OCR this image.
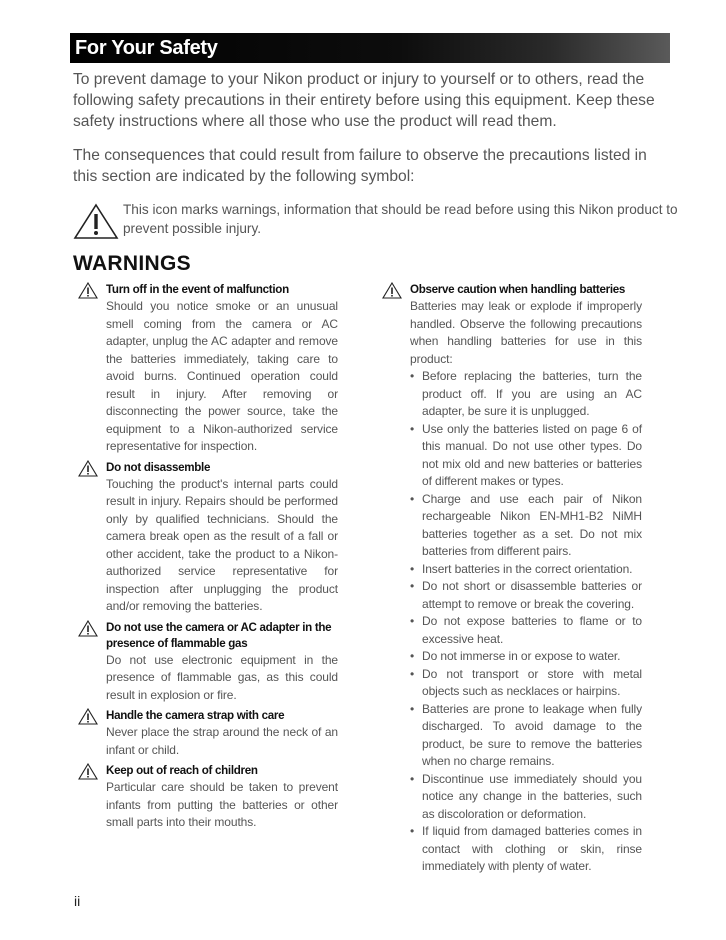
For Your Safety

To prevent damage to your Nikon product or injury to yourself or to others, read the following safety precautions in their entirety before using this equipment. Keep these safety instructions where all those who use the product will read them.

The consequences that could result from failure to observe the precautions listed in this section are indicated by the following symbol:

This icon marks warnings, information that should be read before using this Nikon product to prevent possible injury.

WARNINGS

Turn off in the event of malfunction

Should you notice smoke or an unusual smell coming from the camera or AC adapter, unplug the AC adapter and remove the batteries immediately, taking care to avoid burns. Continued operation could result in injury. After removing or disconnecting the power source, take the equipment to a Nikon-authorized service representative for inspection.

Do not disassemble

Touching the product's internal parts could result in injury. Repairs should be performed only by qualified technicians. Should the camera break open as the result of a fall or other accident, take the product to a Nikon-authorized service representative for inspection after unplugging the product and/or removing the batteries.

Do not use the camera or AC adapter in the presence of flammable gas

Do not use electronic equipment in the presence of flammable gas, as this could result in explosion or fire.

Handle the camera strap with care

Never place the strap around the neck of an infant or child.

Keep out of reach of children

Particular care should be taken to prevent infants from putting the batteries or other small parts into their mouths.

Observe caution when handling batteries

Batteries may leak or explode if improperly handled. Observe the following precautions when handling batteries for use in this product:

• Before replacing the batteries, turn the product off. If you are using an AC adapter, be sure it is unplugged.
• Use only the batteries listed on page 6 of this manual. Do not use other types. Do not mix old and new batteries or batteries of different makes or types.
• Charge and use each pair of Nikon rechargeable Nikon EN-MH1-B2 NiMH batteries together as a set. Do not mix batteries from different pairs.
• Insert batteries in the correct orientation.
• Do not short or disassemble batteries or attempt to remove or break the covering.
• Do not expose batteries to flame or to excessive heat.
• Do not immerse in or expose to water.
• Do not transport or store with metal objects such as necklaces or hairpins.
• Batteries are prone to leakage when fully discharged. To avoid damage to the product, be sure to remove the batteries when no charge remains.
• Discontinue use immediately should you notice any change in the batteries, such as discoloration or deformation.
• If liquid from damaged batteries comes in contact with clothing or skin, rinse immediately with plenty of water.

ii
